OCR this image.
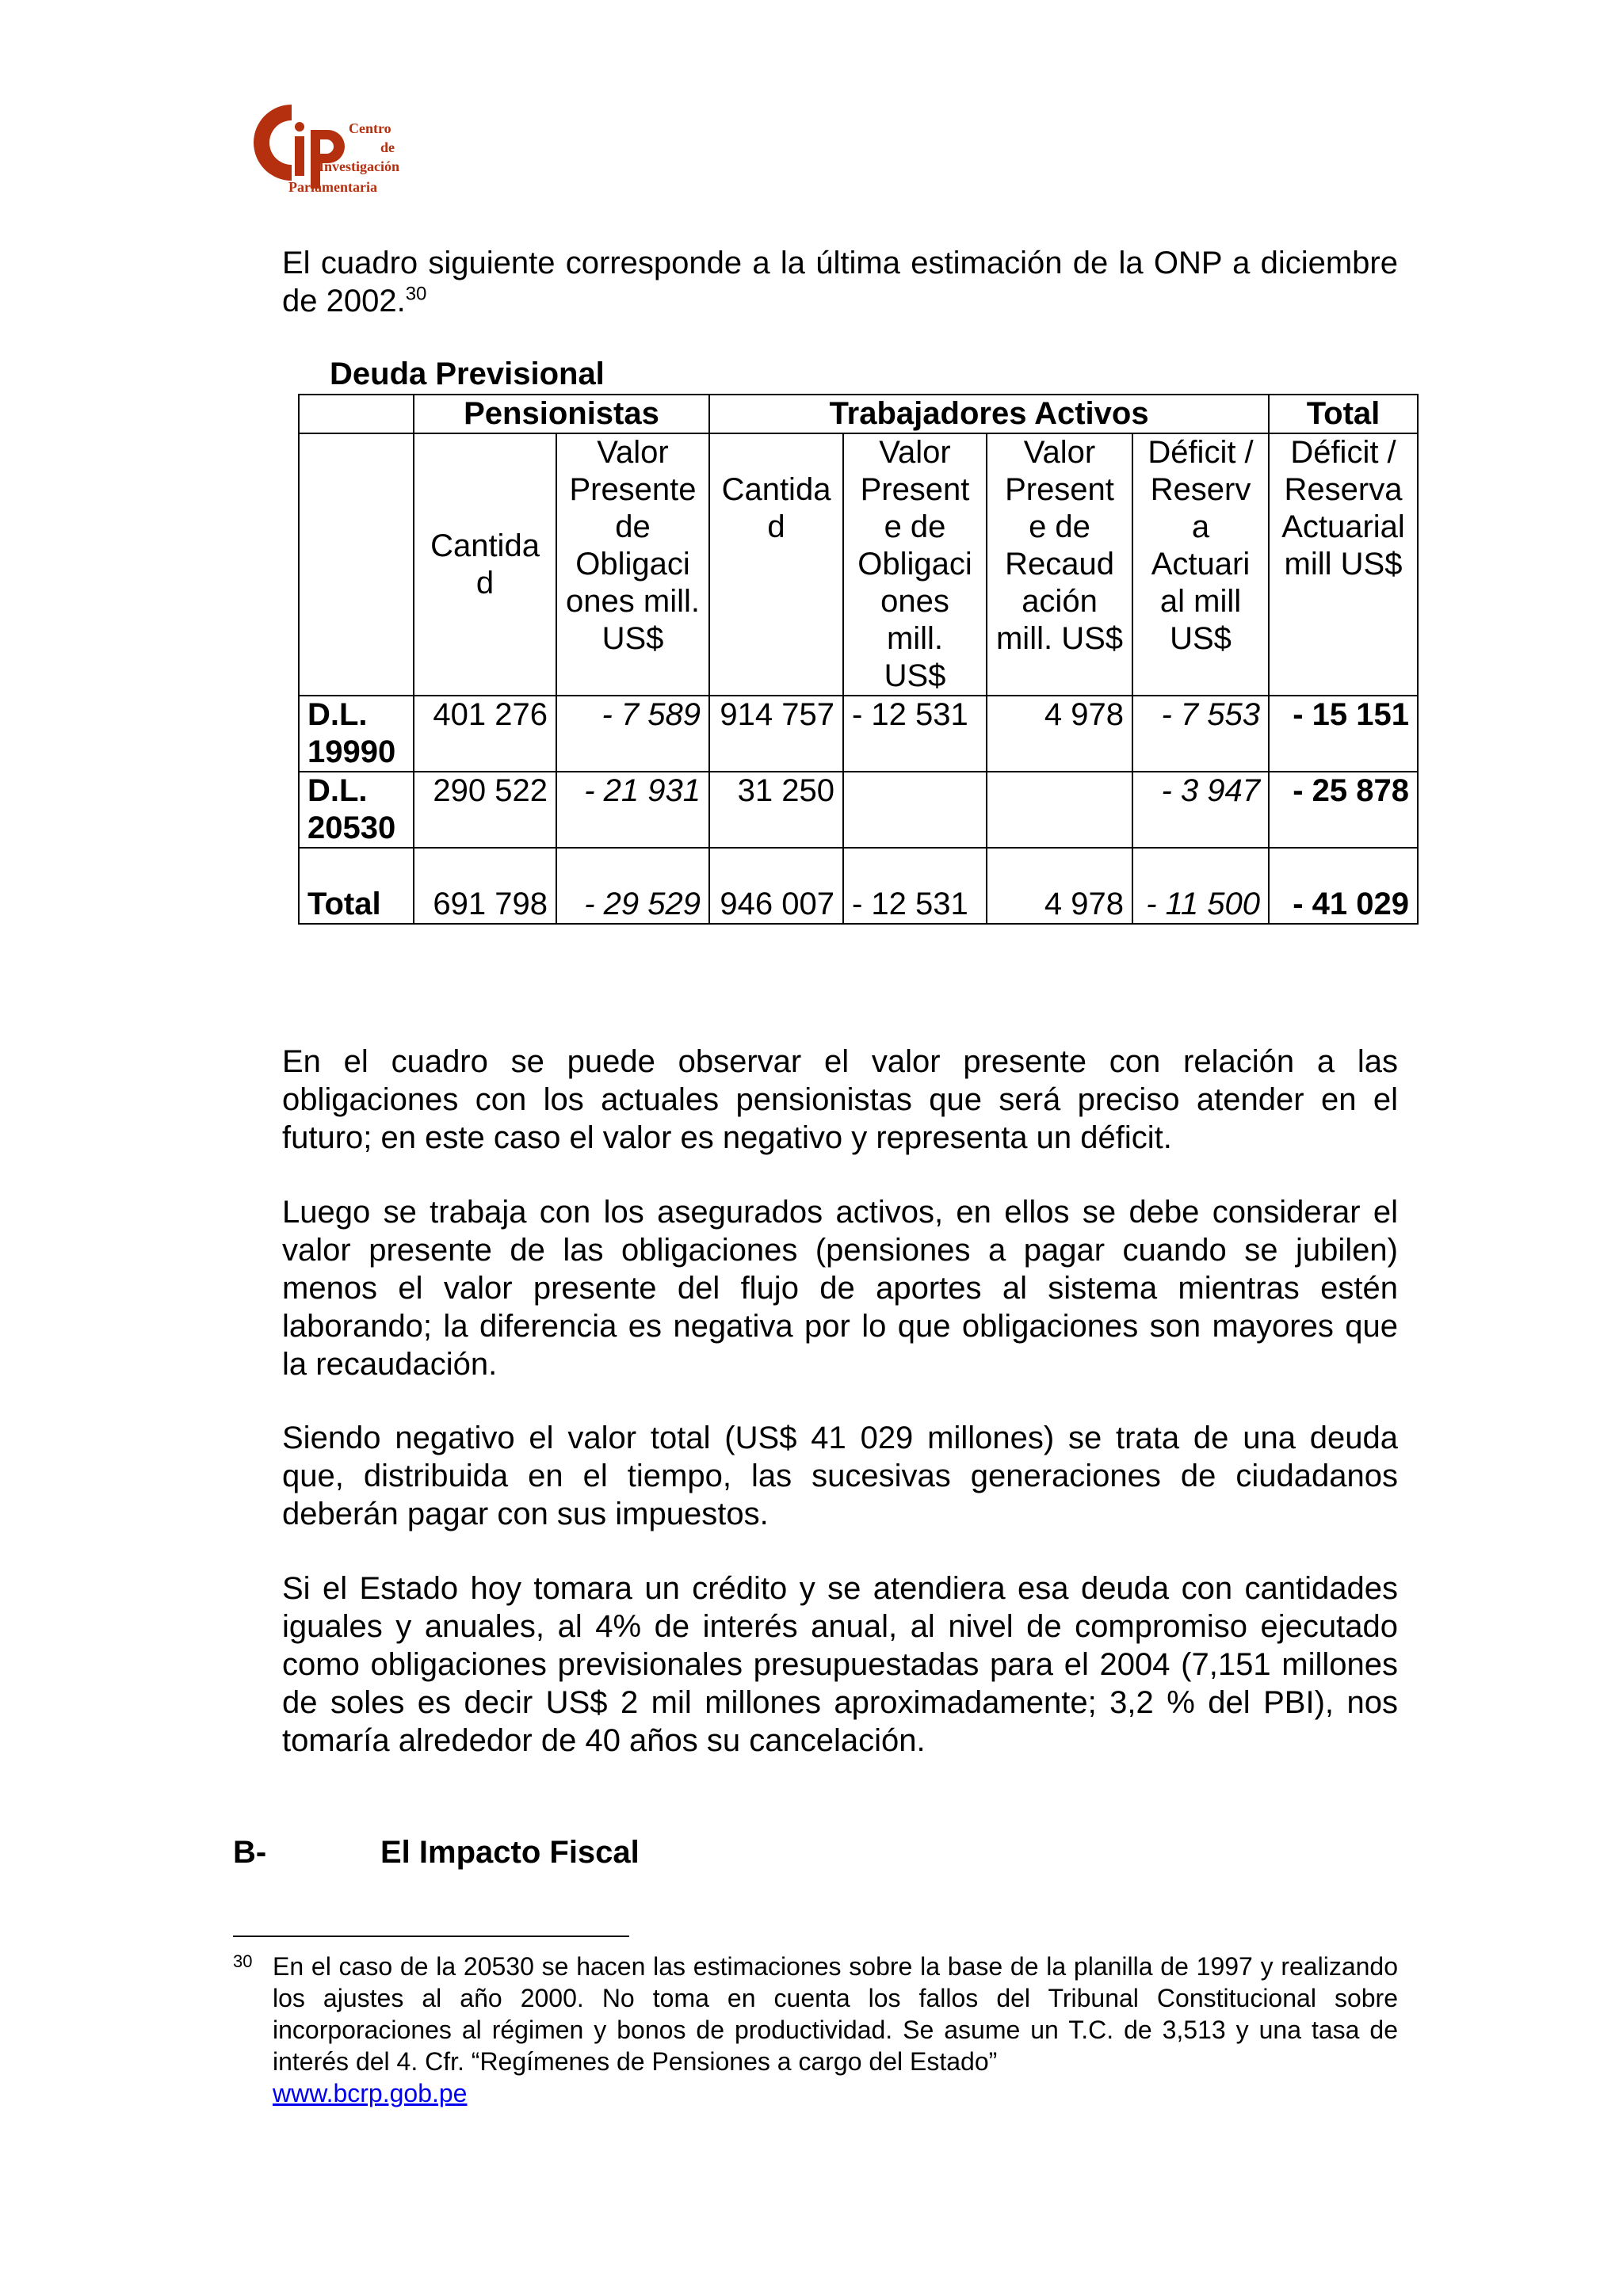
Centro
de
Investigación
Parlamentaria

El cuadro siguiente corresponde a la última estimación de la ONP a diciembre de 2002.30

Deuda Previsional

	Pensionistas		Trabajadores Activos				Total
	Cantida d	Valor Presente de Obligaci ones mill. US$	Cantida d	Valor Present e de Obligaci ones mill. US$	Valor Present e de Recaud ación mill. US$	Déficit / Reserv a Actuari al mill US$	Déficit / Reserva Actuarial mill US$
D.L. 19990	401 276	- 7 589	914 757	- 12 531	4 978	- 7 553	- 15 151
D.L. 20530	290 522	- 21 931	31 250			- 3 947	- 25 878
Total	691 798	- 29 529	946 007	- 12 531	4 978	- 11 500	- 41 029

En el cuadro se puede observar el valor presente con relación a las obligaciones con los actuales pensionistas que será preciso atender en el futuro; en este caso el valor es negativo y representa un déficit.

Luego se trabaja con los asegurados activos, en ellos se debe considerar el valor presente de las obligaciones (pensiones a pagar cuando se jubilen) menos el valor presente del flujo de aportes al sistema mientras estén laborando; la diferencia es negativa por lo que obligaciones son mayores que la recaudación.

Siendo negativo el valor total (US$ 41 029 millones) se trata de una deuda que, distribuida en el tiempo, las sucesivas generaciones de ciudadanos deberán pagar con sus impuestos.

Si el Estado hoy tomara un crédito y se atendiera esa deuda con cantidades iguales y anuales, al 4% de interés anual, al nivel de compromiso ejecutado como obligaciones previsionales presupuestadas para el 2004 (7,151 millones de soles es decir US$ 2 mil millones aproximadamente; 3,2 % del PBI), nos tomaría alrededor de 40 años su cancelación.

B-	El Impacto Fiscal

30 En el caso de la 20530 se hacen las estimaciones sobre la base de la planilla de 1997 y realizando los ajustes al año 2000. No toma en cuenta los fallos del Tribunal Constitucional sobre incorporaciones al régimen y bonos de productividad. Se asume un T.C. de 3,513 y una tasa de interés del 4. Cfr. “Regímenes de Pensiones a cargo del Estado”
www.bcrp.gob.pe
